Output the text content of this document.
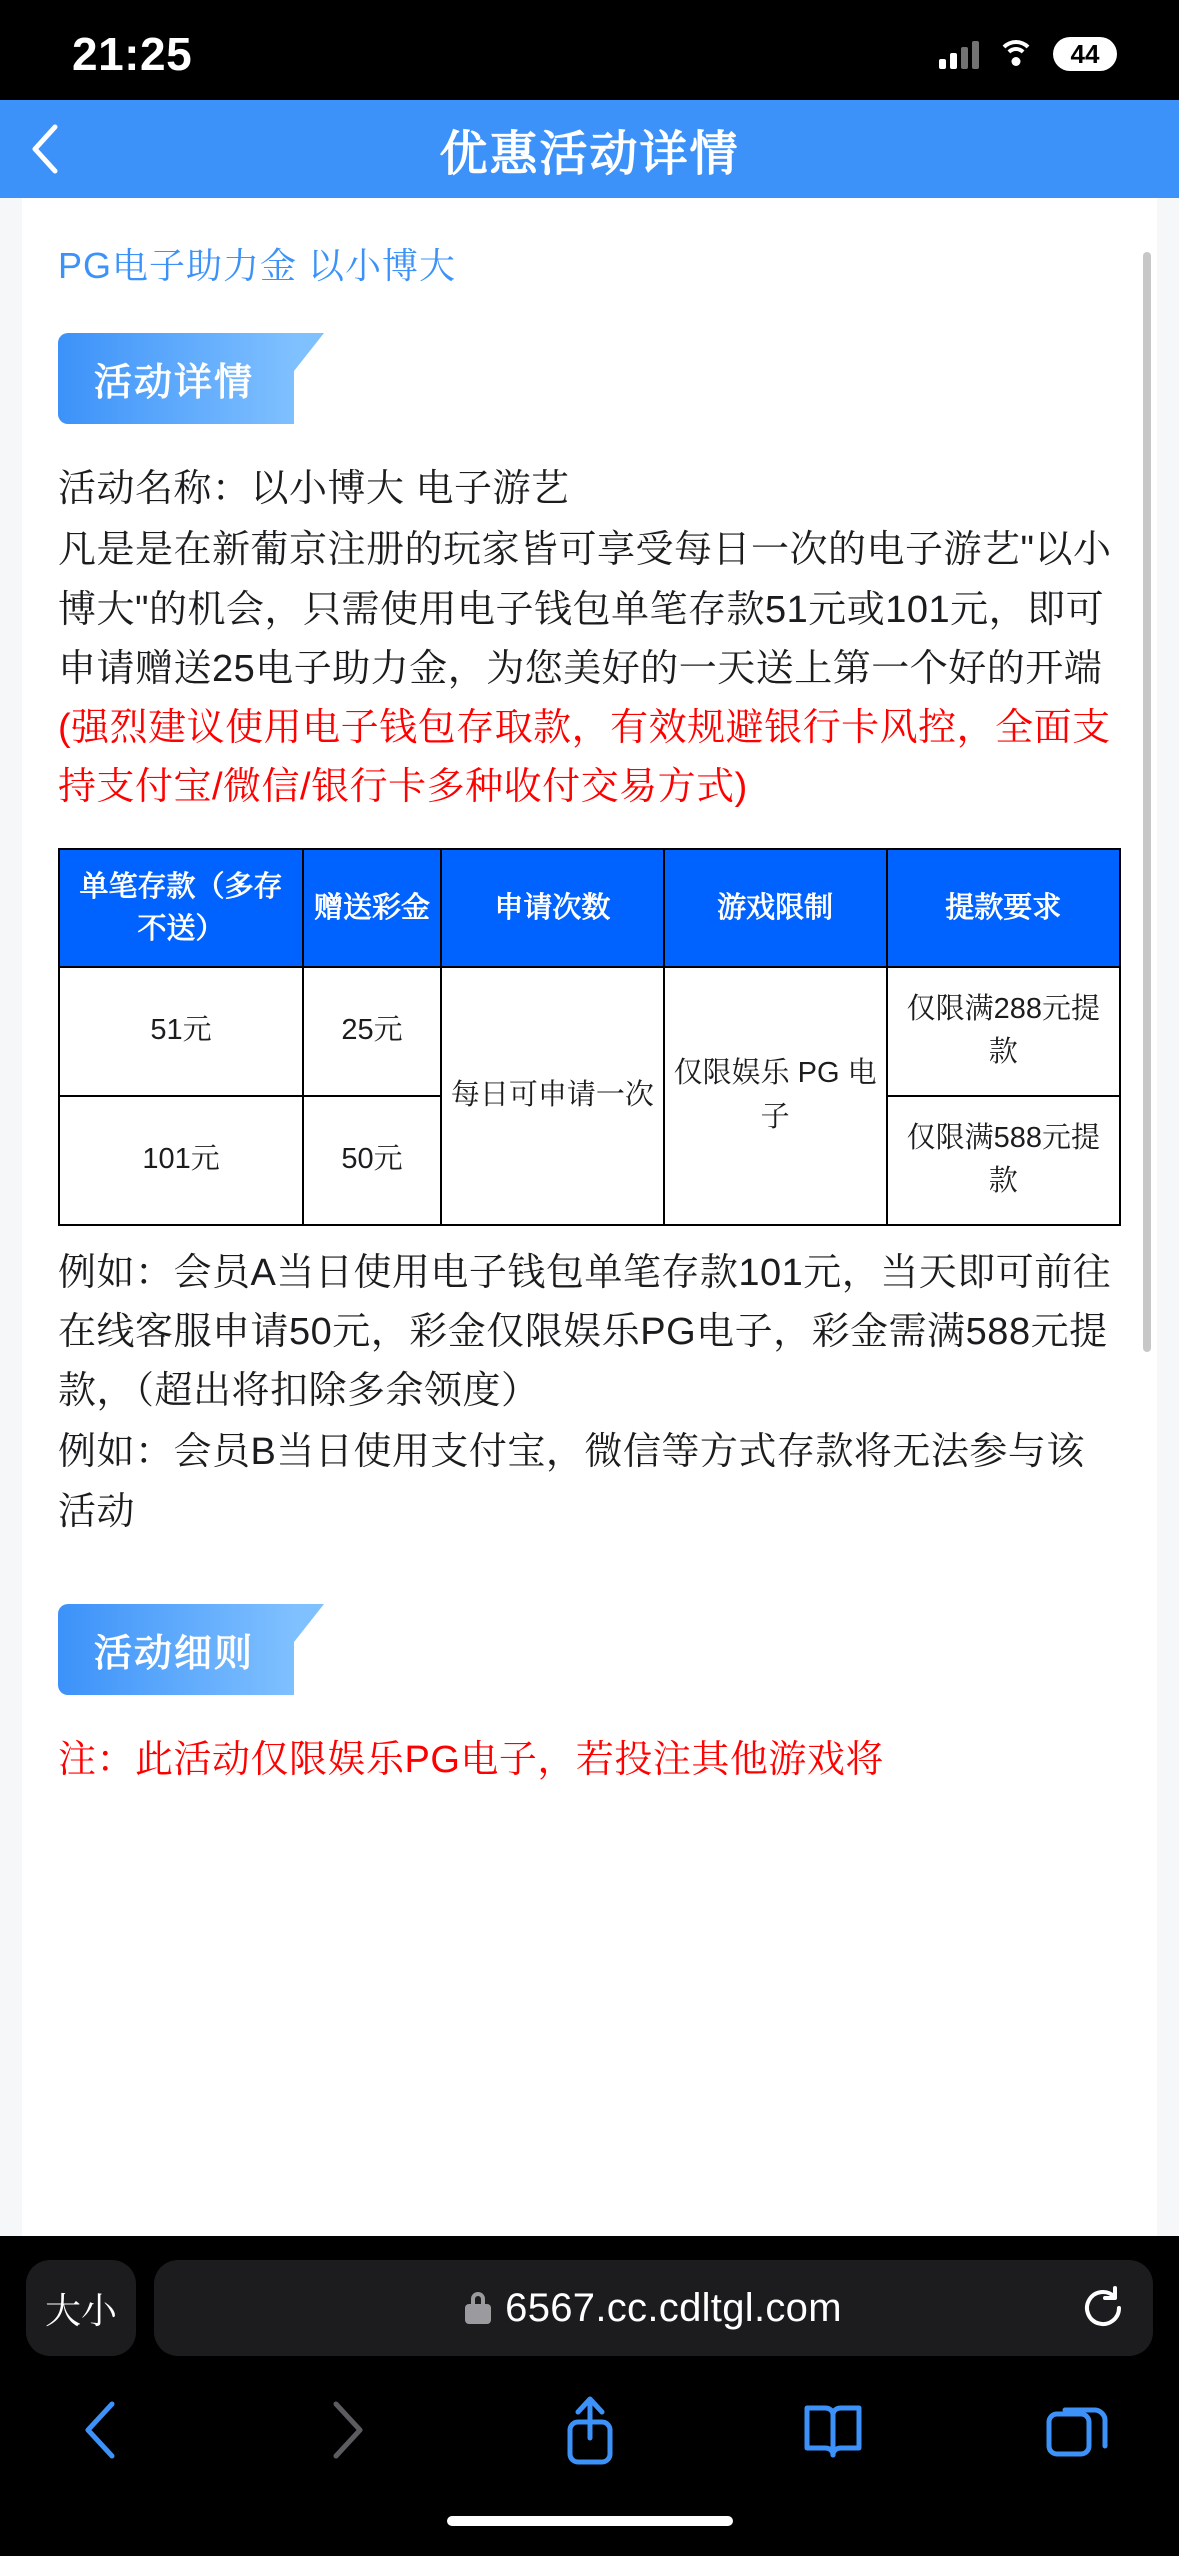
21:25	44
优惠活动详情
PG电子助力金 以小博大
活动详情

活动名称：以小博大 电子游艺

凡是是在新葡京注册的玩家皆可享受每日一次的电子游艺"以小博大"的机会，只需使用电子钱包单笔存款51元或101元，即可申请赠送25电子助力金，为您美好的一天送上第一个好的开端(强烈建议使用电子钱包存取款，有效规避银行卡风控，全面支持支付宝/微信/银行卡多种收付交易方式)

单笔存款（多存不送）	赠送彩金	申请次数	游戏限制	提款要求
51元	25元	每日可申请一次	仅限娱乐 PG 电子	仅限满288元提款
101元	50元			仅限满588元提款

例如：会员A当日使用电子钱包单笔存款101元，当天即可前往在线客服申请50元，彩金仅限娱乐PG电子，彩金需满588元提款，（超出将扣除多余领度）

例如：会员B当日使用支付宝，微信等方式存款将无法参与该活动

活动细则

注：此活动仅限娱乐PG电子，若投注其他游戏将

大小	6567.cc.cdltgl.com
